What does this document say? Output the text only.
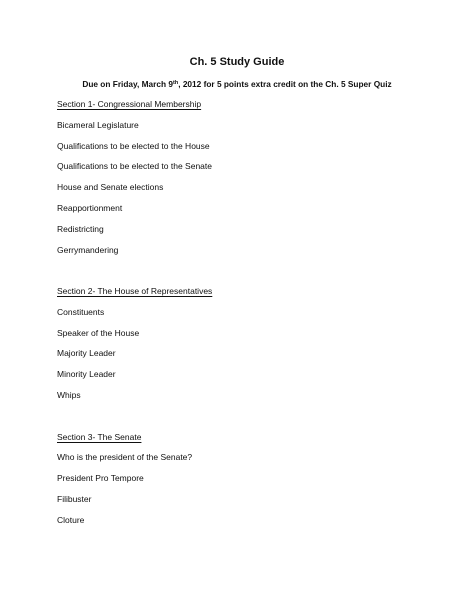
Ch. 5 Study Guide
Due on Friday, March 9th, 2012 for 5 points extra credit on the Ch. 5 Super Quiz
Section 1- Congressional Membership
Bicameral Legislature
Qualifications to be elected to the House
Qualifications to be elected to the Senate
House and Senate elections
Reapportionment
Redistricting
Gerrymandering
Section 2- The House of Representatives
Constituents
Speaker of the House
Majority Leader
Minority Leader
Whips
Section 3- The Senate
Who is the president of the Senate?
President Pro Tempore
Filibuster
Cloture
